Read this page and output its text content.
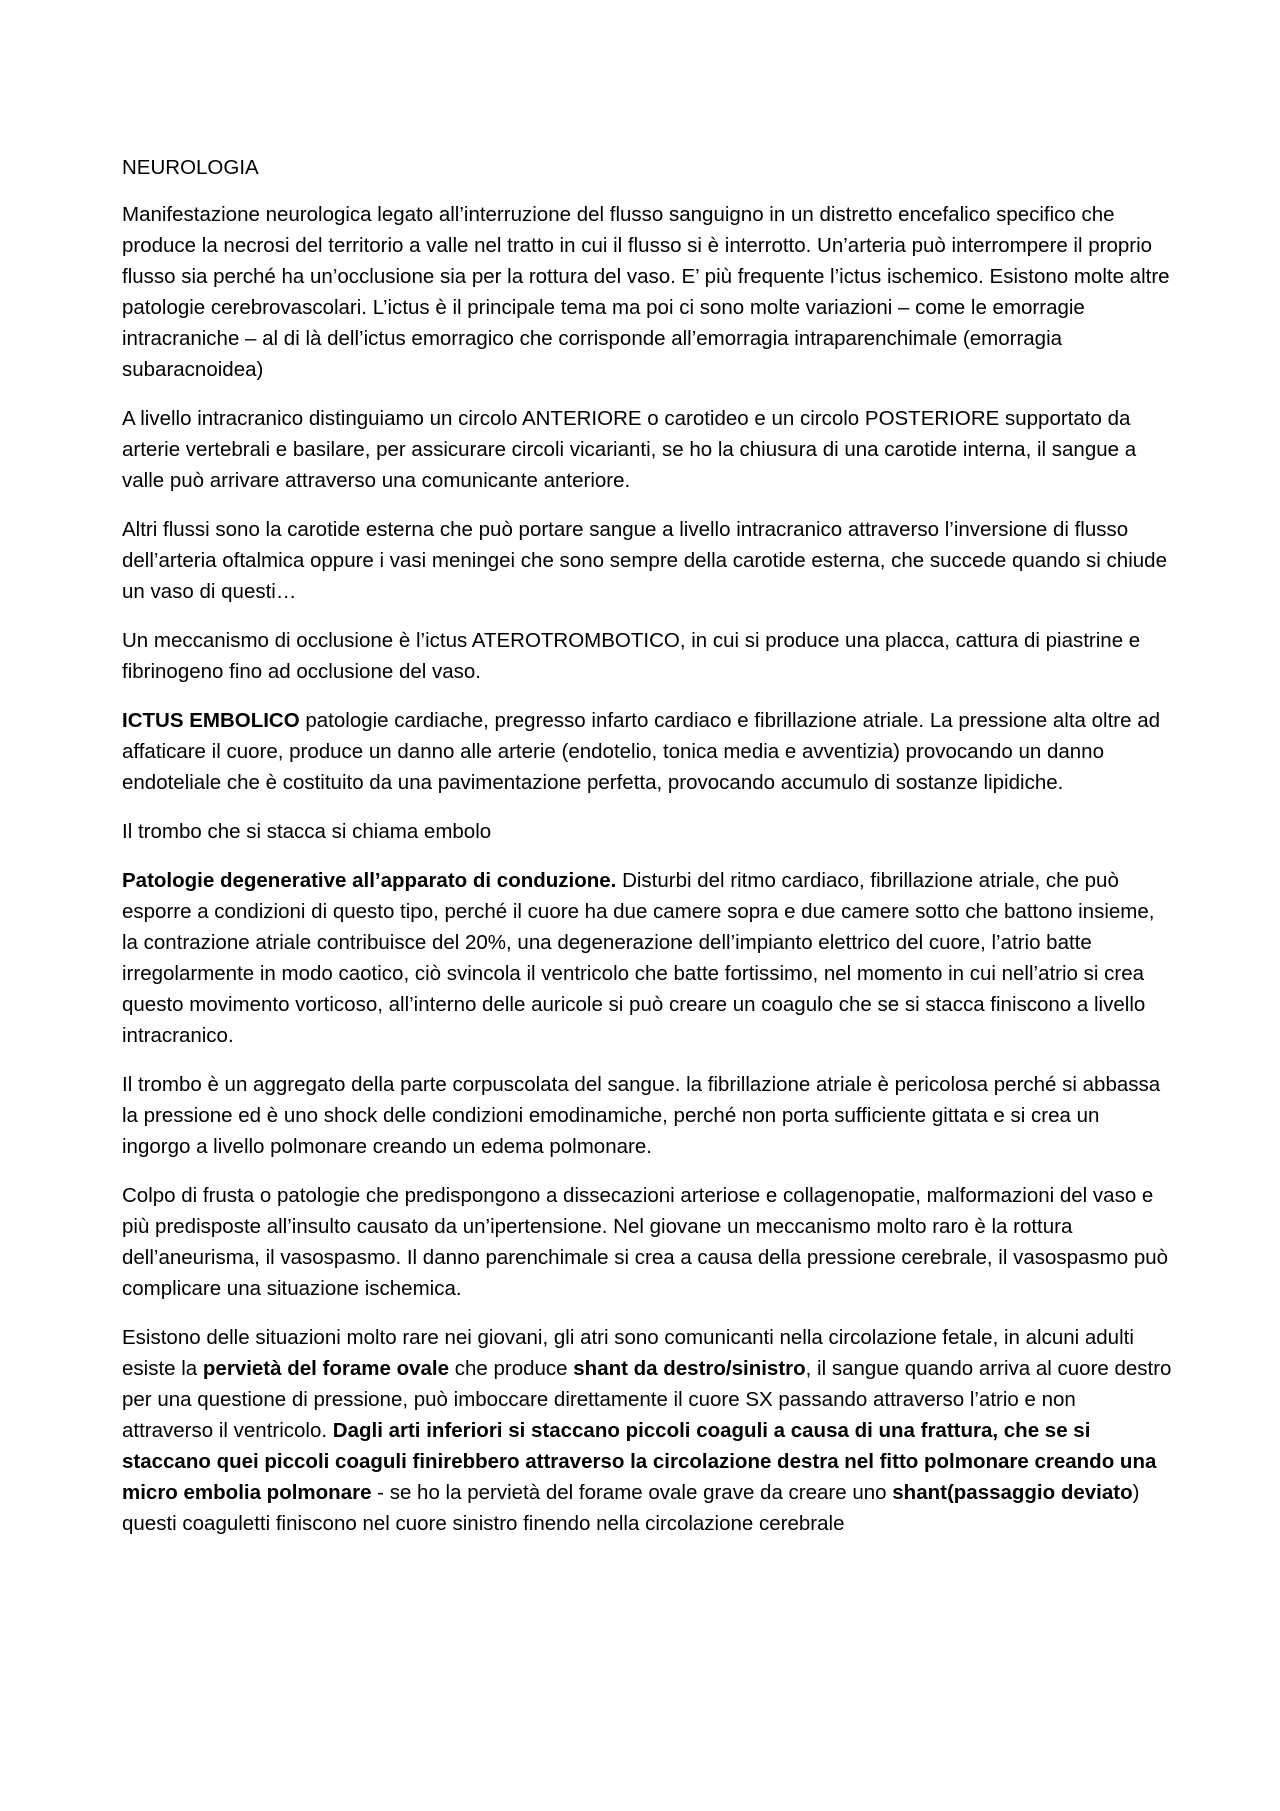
NEUROLOGIA

Manifestazione neurologica legato all’interruzione del flusso sanguigno in un distretto encefalico specifico che produce la necrosi del territorio a valle nel tratto in cui il flusso si è interrotto. Un’arteria può interrompere il proprio flusso sia perché ha un’occlusione sia per la rottura del vaso. E’ più frequente l’ictus ischemico. Esistono molte altre patologie cerebrovascolari. L’ictus è il principale tema ma poi ci sono molte variazioni – come le emorragie intracraniche – al di là dell’ictus emorragico che corrisponde all’emorragia intraparenchimale (emorragia subaracnoidea)

A livello intracranico distinguiamo un circolo ANTERIORE o carotideo e un circolo POSTERIORE supportato da arterie vertebrali e basilare, per assicurare circoli vicarianti, se ho la chiusura di una carotide interna, il sangue a valle può arrivare attraverso una comunicante anteriore.

Altri flussi sono la carotide esterna che può portare sangue a livello intracranico attraverso l’inversione di flusso dell’arteria oftalmica oppure i vasi meningei che sono sempre della carotide esterna, che succede quando si chiude un vaso di questi…

Un meccanismo di occlusione è l’ictus ATEROTROMBOTICO, in cui si produce una placca, cattura di piastrine e fibrinogeno fino ad occlusione del vaso.

ICTUS EMBOLICO patologie cardiache, pregresso infarto cardiaco e fibrillazione atriale. La pressione alta oltre ad affaticare il cuore, produce un danno alle arterie (endotelio, tonica media e avventizia) provocando un danno endoteliale che è costituito da una pavimentazione perfetta, provocando accumulo di sostanze lipidiche.

Il trombo che si stacca si chiama embolo

Patologie degenerative all’apparato di conduzione. Disturbi del ritmo cardiaco, fibrillazione atriale, che può esporre a condizioni di questo tipo, perché il cuore ha due camere sopra e due camere sotto che battono insieme, la contrazione atriale contribuisce del 20%, una degenerazione dell’impianto elettrico del cuore, l’atrio batte irregolarmente in modo caotico, ciò svincola il ventricolo che batte fortissimo, nel momento in cui nell’atrio si crea questo movimento vorticoso, all’interno delle auricole si può creare un coagulo che se si stacca finiscono a livello intracranico.

Il trombo è un aggregato della parte corpuscolata del sangue. la fibrillazione atriale è pericolosa perché si abbassa la pressione ed è uno shock delle condizioni emodinamiche, perché non porta sufficiente gittata e si crea un ingorgo a livello polmonare creando un edema polmonare.

Colpo di frusta o patologie che predispongono a dissecazioni arteriose e collagenopatie, malformazioni del vaso e più predisposte all’insulto causato da un’ipertensione. Nel giovane un meccanismo molto raro è la rottura dell’aneurisma, il vasospasmo. Il danno parenchimale si crea a causa della pressione cerebrale, il vasospasmo può complicare una situazione ischemica.

Esistono delle situazioni molto rare nei giovani, gli atri sono comunicanti nella circolazione fetale, in alcuni adulti esiste la pervietà del forame ovale che produce shant da destro/sinistro, il sangue quando arriva al cuore destro per una questione di pressione, può imboccare direttamente il cuore SX passando attraverso l’atrio e non attraverso il ventricolo. Dagli arti inferiori si staccano piccoli coaguli a causa di una frattura, che se si staccano quei piccoli coaguli finirebbero attraverso la circolazione destra nel fitto polmonare creando una micro embolia polmonare - se ho la pervietà del forame ovale grave da creare uno shant(passaggio deviato) questi coaguletti finiscono nel cuore sinistro finendo nella circolazione cerebrale
